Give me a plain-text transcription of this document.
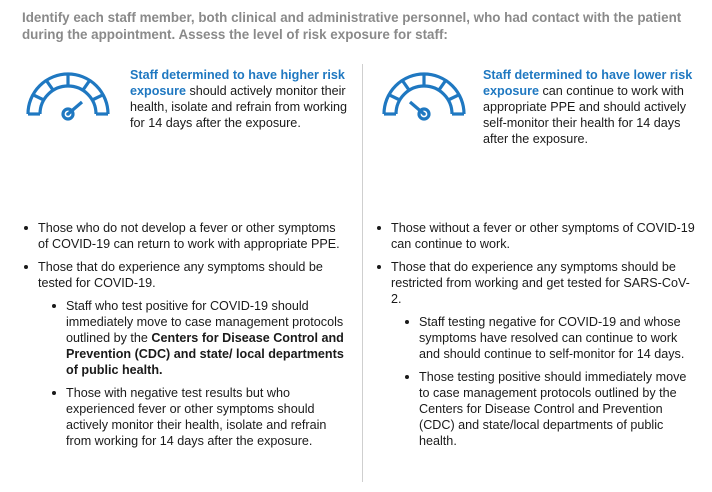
Identify each staff member, both clinical and administrative personnel, who had contact with the patient during the appointment. Assess the level of risk exposure for staff:
Staff determined to have higher risk exposure should actively monitor their health, isolate and refrain from working for 14 days after the exposure.
Staff determined to have lower risk exposure can continue to work with appropriate PPE and should actively self-monitor their health for 14 days after the exposure.
Those who do not develop a fever or other symptoms of COVID-19 can return to work with appropriate PPE.
Those that do experience any symptoms should be tested for COVID-19.
Staff who test positive for COVID-19 should immediately move to case management protocols outlined by the Centers for Disease Control and Prevention (CDC) and state/ local departments of public health.
Those with negative test results but who experienced fever or other symptoms should actively monitor their health, isolate and refrain from working for 14 days after the exposure.
Those without a fever or other symptoms of COVID-19 can continue to work.
Those that do experience any symptoms should be restricted from working and get tested for SARS-CoV-2.
Staff testing negative for COVID-19 and whose symptoms have resolved can continue to work and should continue to self-monitor for 14 days.
Those testing positive should immediately move to case management protocols outlined by the Centers for Disease Control and Prevention (CDC) and state/local departments of public health.
